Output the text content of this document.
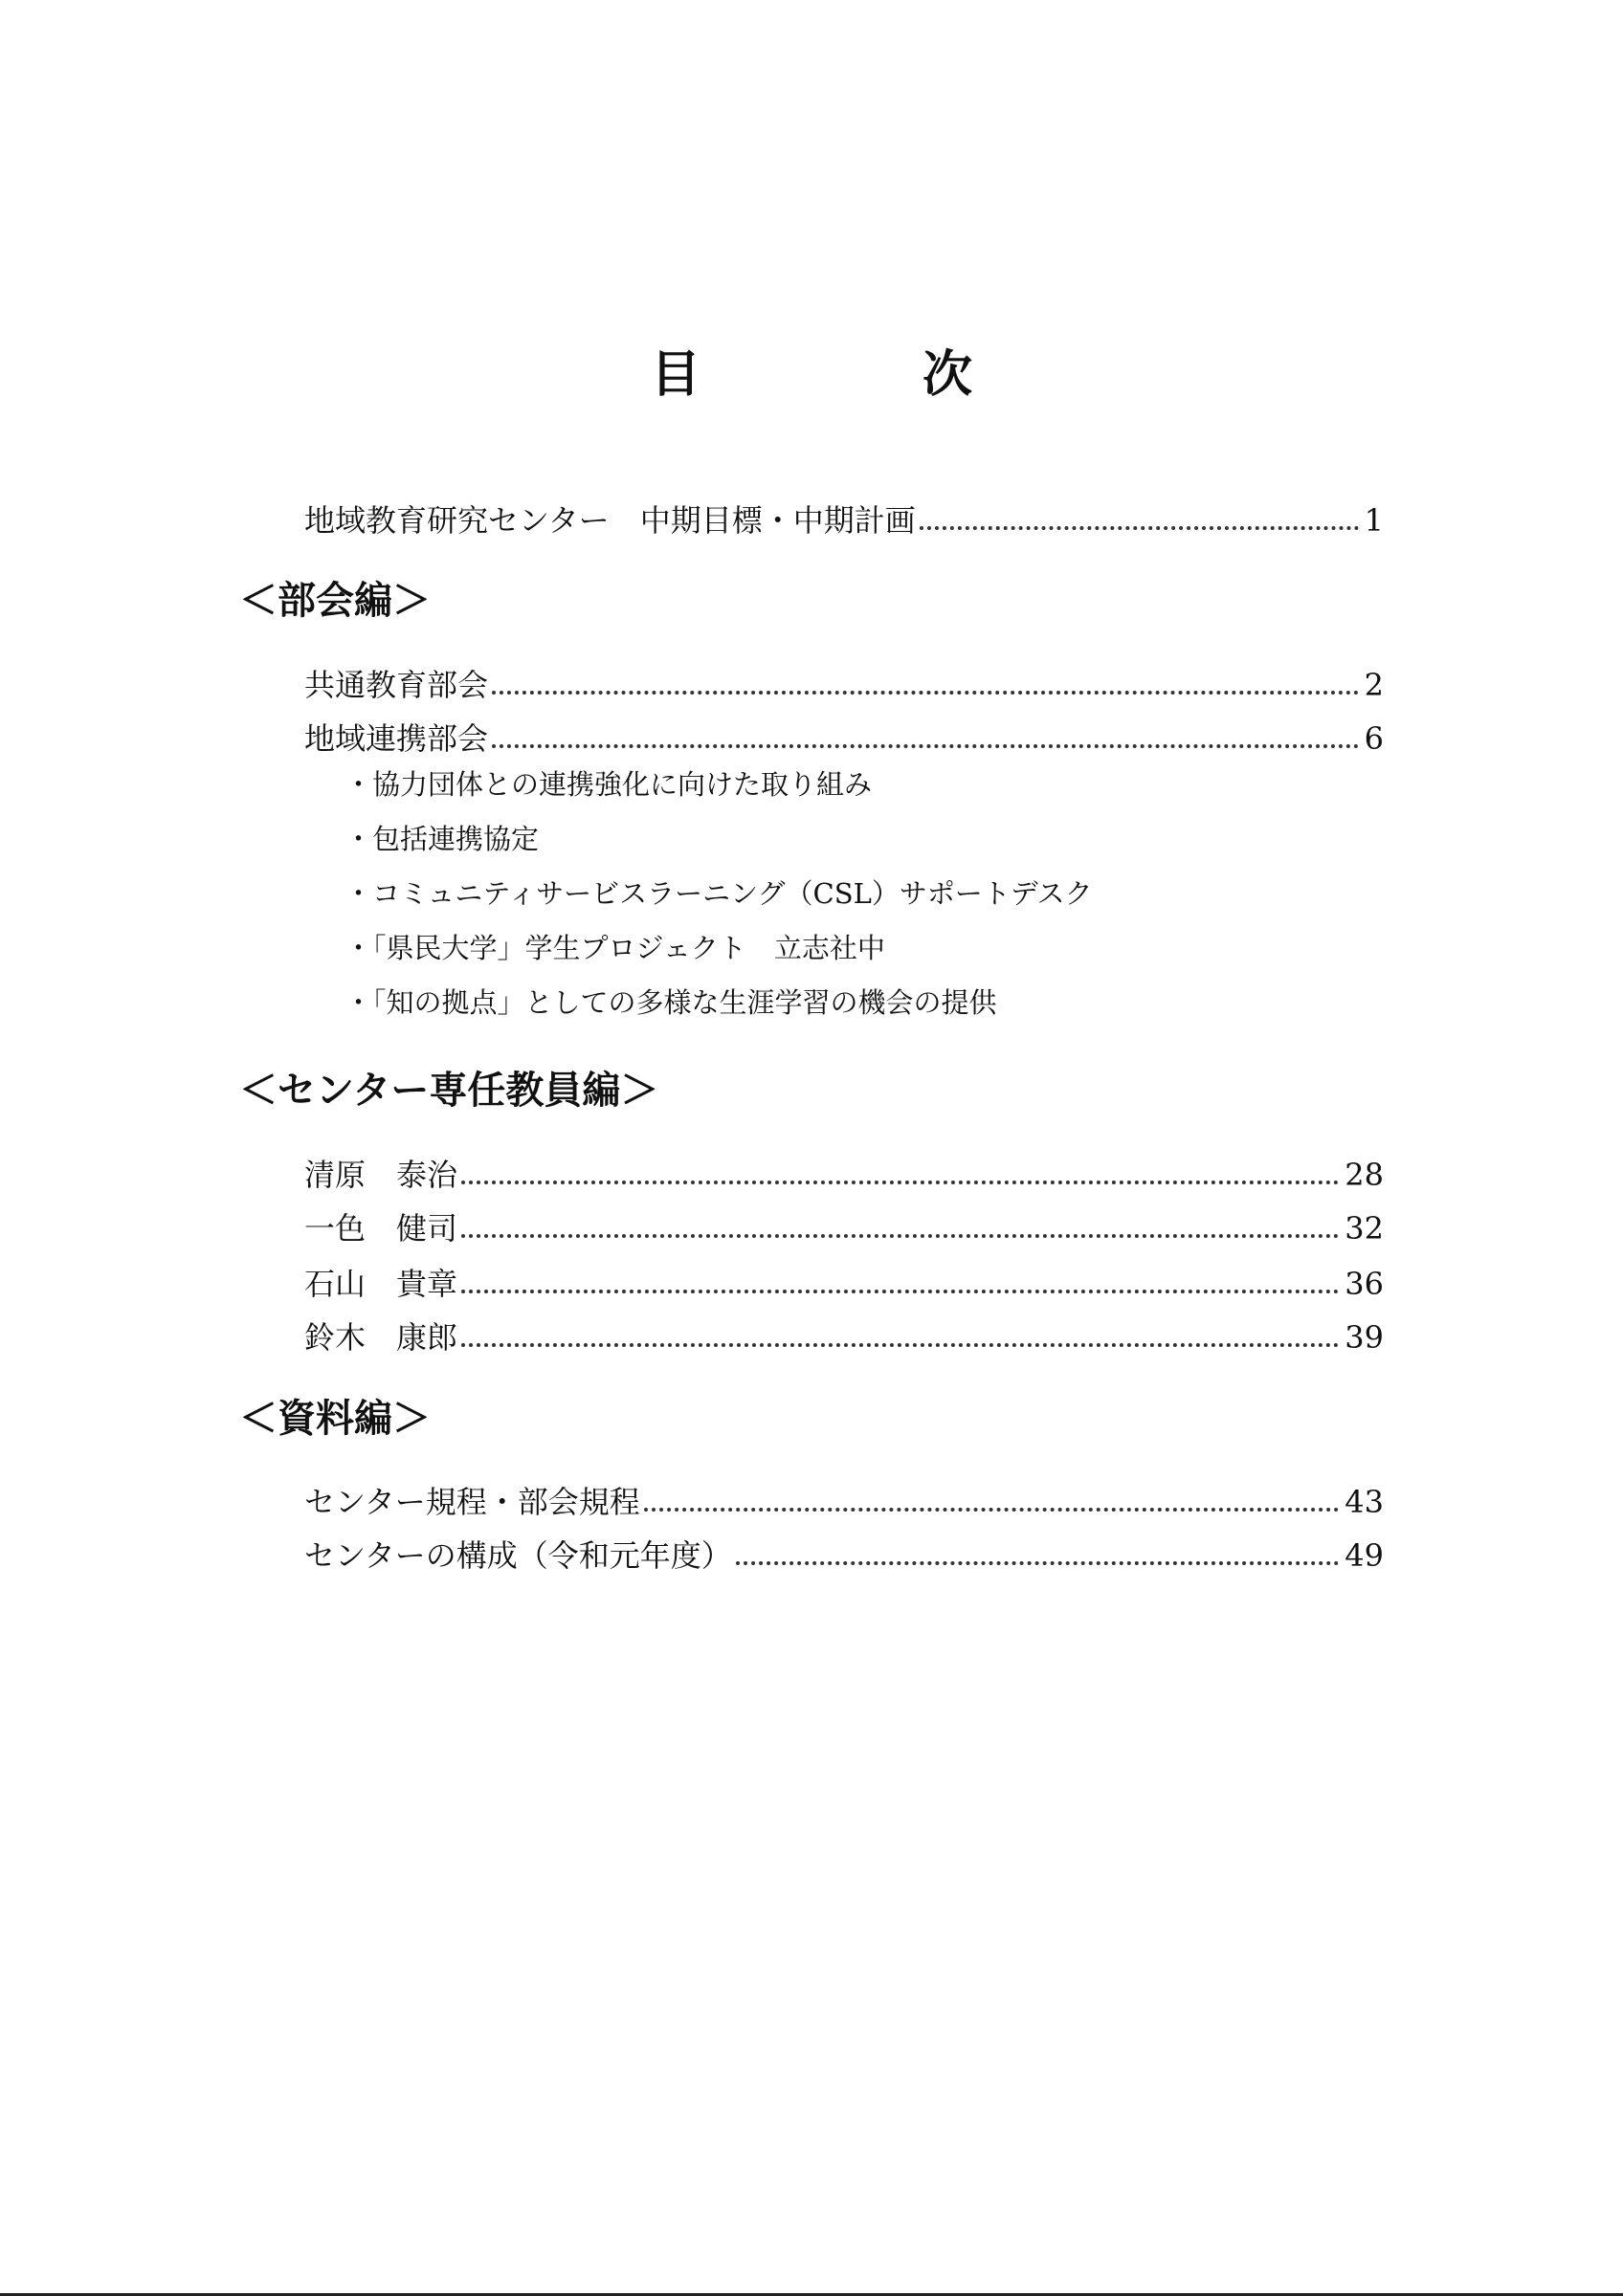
目　次
地域教育研究センター　中期目標・中期計画	1
＜部会編＞
共通教育部会	2
地域連携部会	6
・協力団体との連携強化に向けた取り組み
・包括連携協定
・コミュニティサービスラーニング（CSL）サポートデスク
・「県民大学」学生プロジェクト　立志社中
・「知の拠点」としての多様な生涯学習の機会の提供
＜センター専任教員編＞
清原　泰治	28
一色　健司	32
石山　貴章	36
鈴木　康郎	39
＜資料編＞
センター規程・部会規程	43
センターの構成（令和元年度）	49
